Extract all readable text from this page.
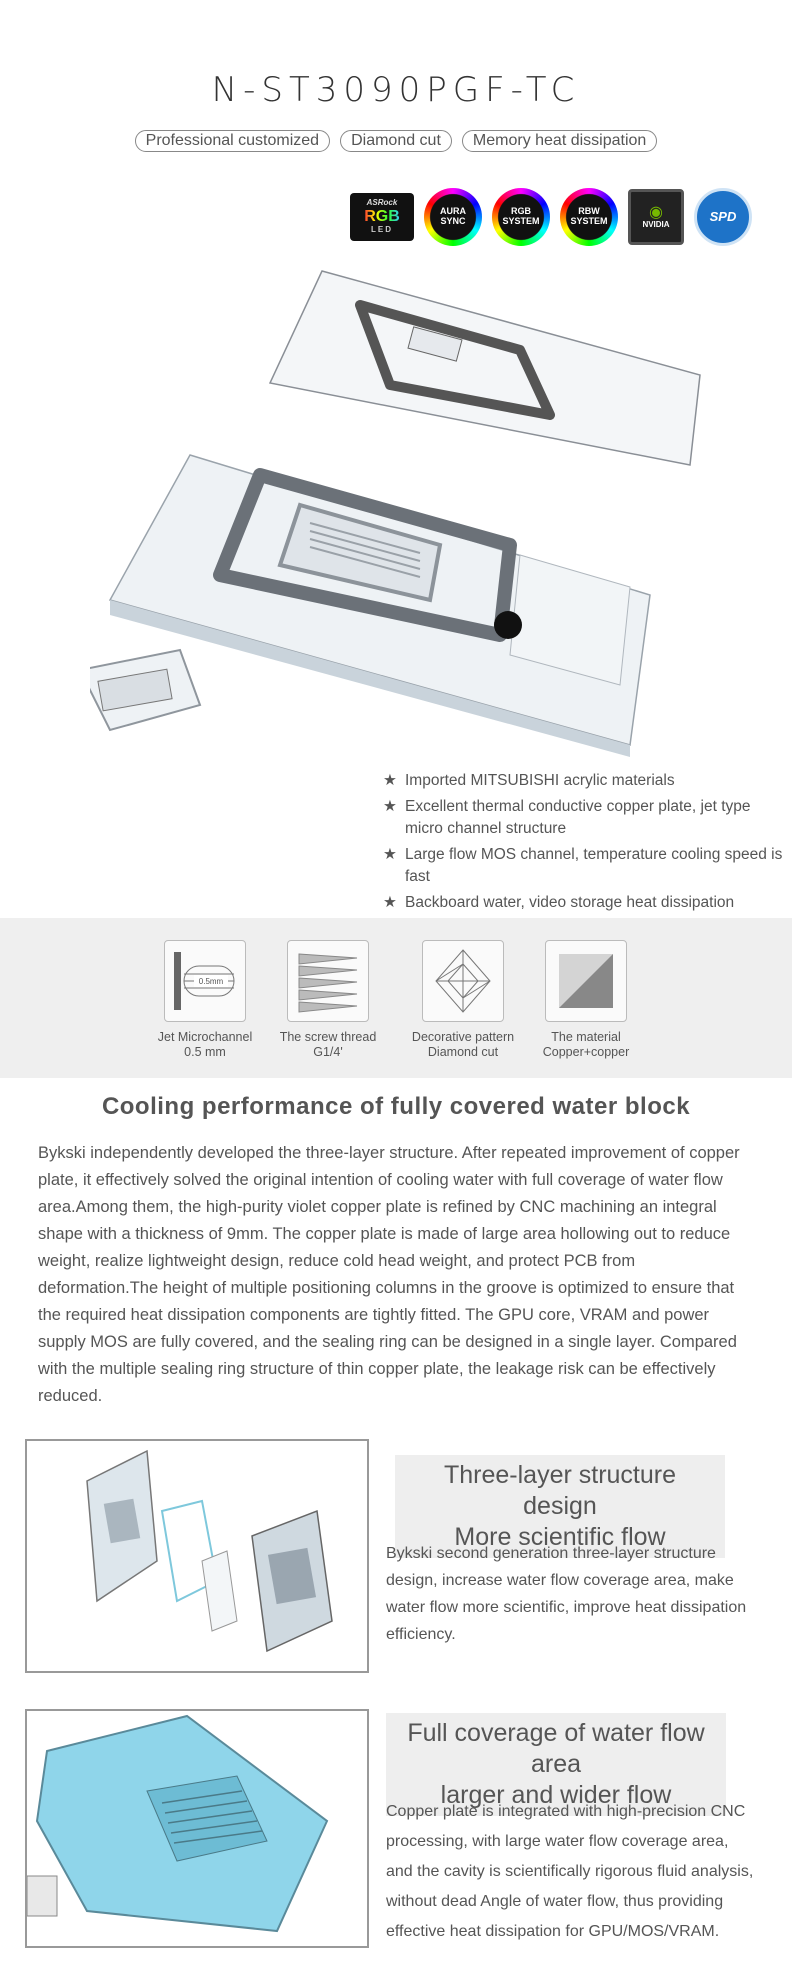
N-ST3090PGF-TC
Professional customized	Diamond cut	Memory heat dissipation
ASRock
RGB
LED
AURA SYNC
RGB SYSTEM
RBW SYSTEM
◉
NVIDIA
SPD
★ Imported MITSUBISHI acrylic materials
★ Excellent thermal conductive copper plate, jet type micro channel structure
★ Large flow MOS channel, temperature cooling speed is fast
★ Backboard water, video storage heat dissipation
0.5mm
Jet Microchannel
0.5 mm
The screw thread
G1/4'
Decorative pattern
Diamond cut
The material
Copper+copper
Cooling performance of fully covered water block
Bykski independently developed the three-layer structure. After repeated improvement of copper plate, it effectively solved the original intention of cooling water with full coverage of water flow area.Among them, the high-purity violet copper plate is refined by CNC machining an integral shape with a thickness of 9mm. The copper plate is made of large area hollowing out to reduce weight, realize lightweight design, reduce cold head weight, and protect PCB from deformation.The height of multiple positioning columns in the groove is optimized to ensure that the required heat dissipation components are tightly fitted. The GPU core, VRAM and power supply MOS are fully covered, and the sealing ring can be designed in a single layer. Compared with the multiple sealing ring structure of thin copper plate, the leakage risk can be effectively reduced.
Three-layer structure design
More scientific flow
Bykski second generation three-layer structure design, increase water flow coverage area, make water flow more scientific, improve heat dissipation efficiency.
Full coverage of water flow area
larger and wider flow
Copper plate is integrated with high-precision CNC processing, with large water flow coverage area, and the cavity is scientifically rigorous fluid analysis, without dead Angle of water flow, thus providing effective heat dissipation for GPU/MOS/VRAM.
